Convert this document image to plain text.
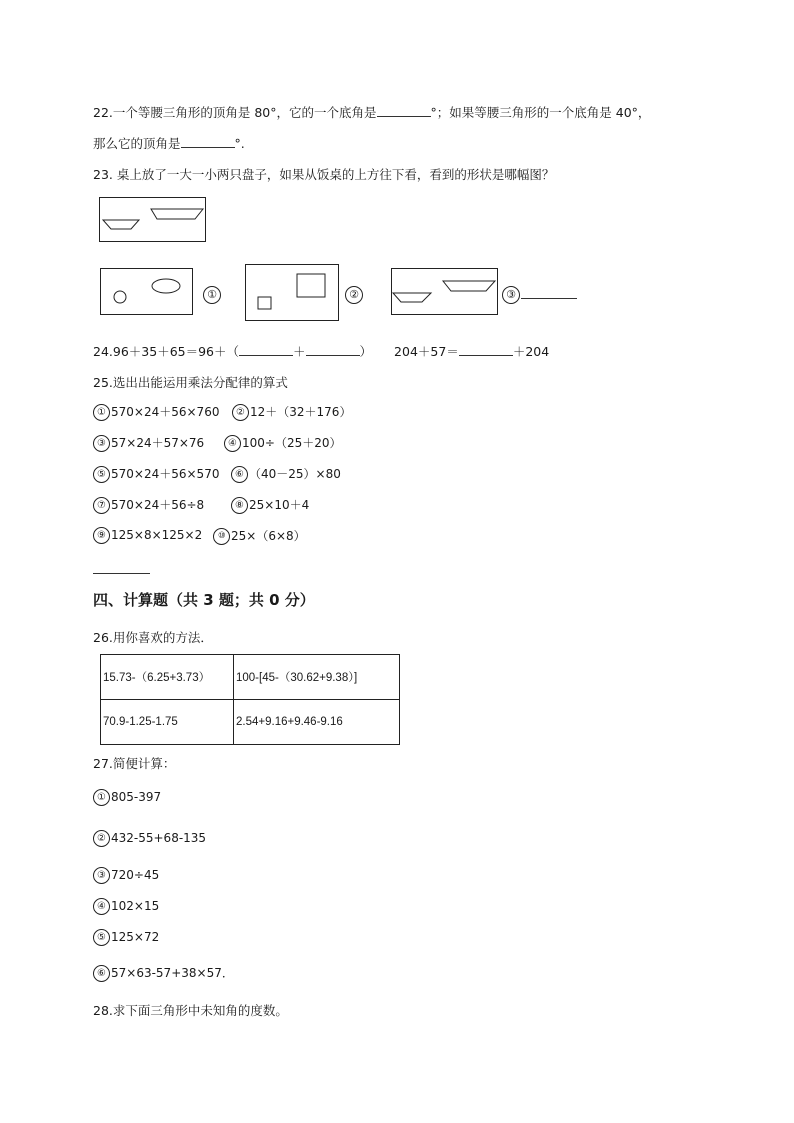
22.一个等腰三角形的顶角是 80°，它的一个底角是	°；如果等腰三角形的一个底角是 40°，
那么它的顶角是	°.
23. 桌上放了一大一小两只盘子，如果从饭桌的上方往下看，看到的形状是哪幅图？
①	②	③
24.96＋35＋65＝96＋（	＋	） 204＋57＝	＋204
25.选出出能运用乘法分配律的算式
① 570×24＋56×760	② 12＋（32＋176）
③ 57×24＋57×76	④ 100÷（25＋20）
⑤ 570×24＋56×570	⑥ （40－25）×80
⑦ 570×24＋56÷8	⑧ 25×10＋4
⑨ 125×8×125×2	⑩ 25×（6×8）
四、计算题（共 3 题；共 0 分）
26.用你喜欢的方法．
15.73-（6.25+3.73）	100-[45-（30.62+9.38）]
70.9-1.25-1.75	2.54+9.16+9.46-9.16
27.简便计算：
① 805-397
② 432-55+68-135
③ 720÷45
④ 102×15
⑤ 125×72
⑥ 57×63-57+38×57．
28.求下面三角形中未知角的度数。
